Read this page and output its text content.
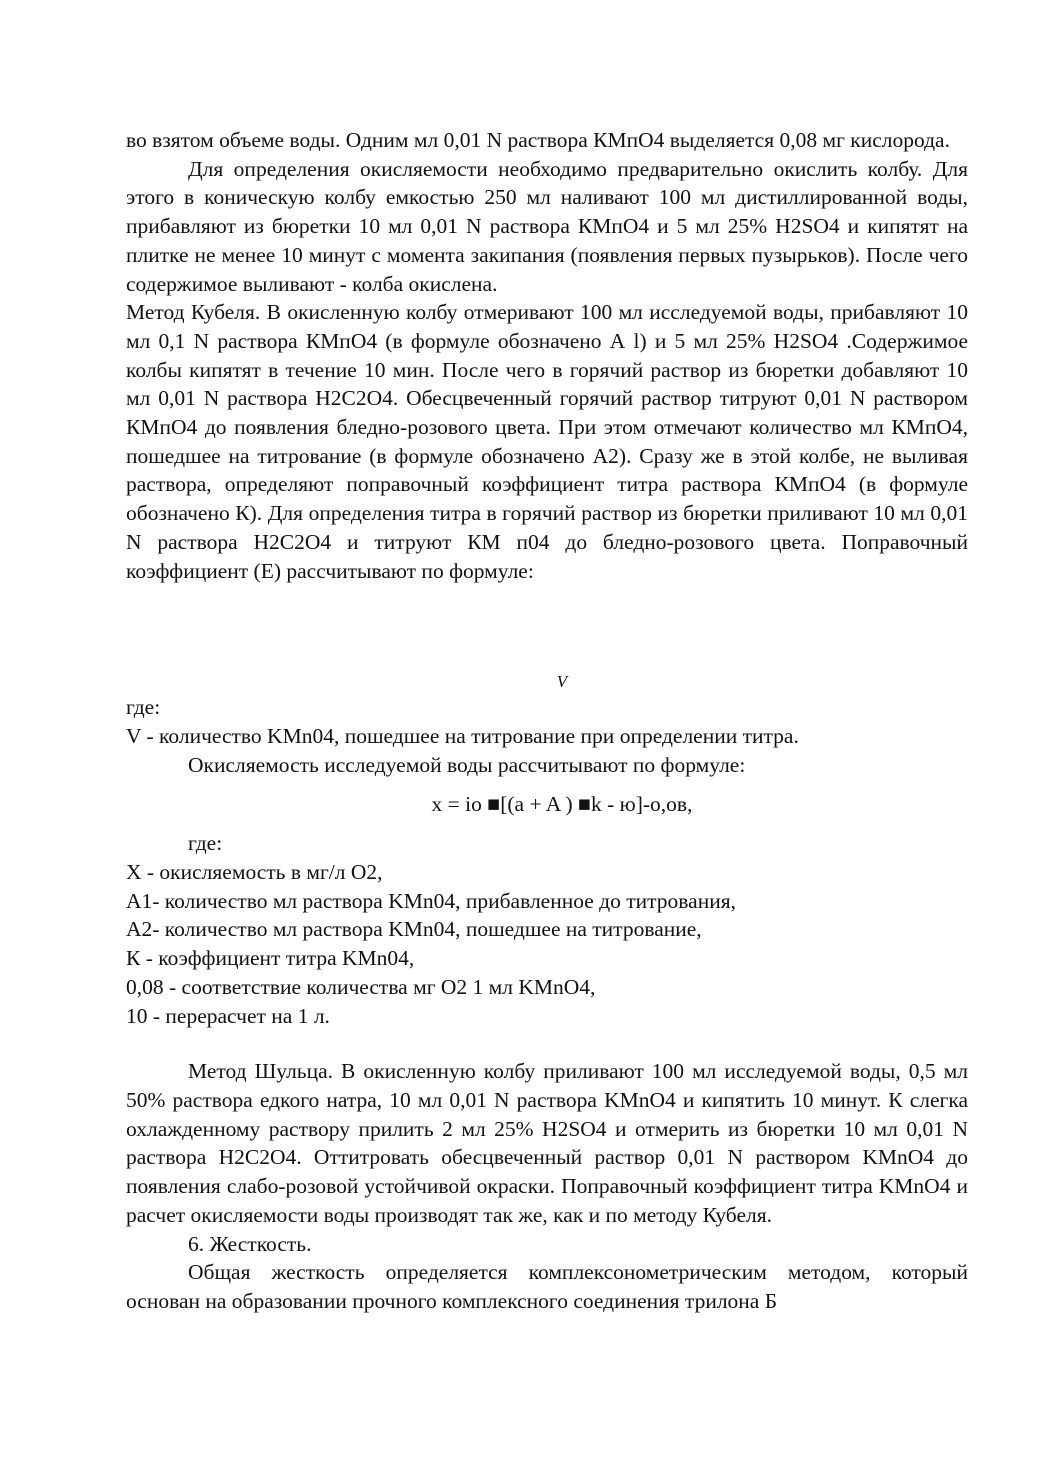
во взятом объеме воды. Одним мл 0,01 N раствора КМпО4 выделяется 0,08 мг кислорода.

Для определения окисляемости необходимо предварительно окислить колбу. Для этого в коническую колбу емкостью 250 мл наливают 100 мл дистиллированной воды, прибавляют из бюретки 10 мл 0,01 N раствора КМпО4 и 5 мл 25% H2SO4 и кипятят на плитке не менее 10 минут с момента закипания (появления первых пузырьков). После чего содержимое выливают - колба окислена.

Метод Кубеля. В окисленную колбу отмеривают 100 мл исследуемой воды, прибавляют 10 мл 0,1 N раствора КМпО4 (в формуле обозначено А l) и 5 мл 25% H2SO4 .Содержимое колбы кипятят в течение 10 мин. После чего в горячий раствор из бюретки добавляют 10 мл 0,01 N раствора Н2С2О4. Обесцвеченный горячий раствор титруют 0,01 N раствором КМпО4 до появления бледно-розового цвета. При этом отмечают количество мл КМпО4, пошедшее на титрование (в формуле обозначено А2). Сразу же в этой колбе, не выливая раствора, определяют поправочный коэффициент титра раствора КМпО4 (в формуле обозначено К). Для определения титра в горячий раствор из бюретки приливают 10 мл 0,01 N раствора Н2С2О4 и титруют КМ п04 до бледно-розового цвета. Поправочный коэффициент (Е) рассчитывают по формуле:

V

где:

V - количество KMn04, пошедшее на титрование при определении титра.

Окисляемость исследуемой воды рассчитывают по формуле:

x = io ■[(a + A ) ■k - ю]-о,ов,

где:

X - окисляемость в мг/л О2,

A1- количество мл раствора KMn04, прибавленное до титрования,

А2- количество мл раствора KMn04, пошедшее на титрование,

К - коэффициент титра KMn04,

0,08 - соответствие количества мг О2 1 мл KMnO4,

10 - перерасчет на 1 л.

Метод Шульца. В окисленную колбу приливают 100 мл исследуемой воды, 0,5 мл 50% раствора едкого натра, 10 мл 0,01 N раствора KMnO4 и кипятить 10 минут. К слегка охлажденному раствору прилить 2 мл 25% H2SO4 и отмерить из бюретки 10 мл 0,01 N раствора Н2С2О4. Оттитровать обесцвеченный раствор 0,01 N раствором KMnO4 до появления слабо-розовой устойчивой окраски. Поправочный коэффициент титра KMnO4 и расчет окисляемости воды производят так же, как и по методу Кубеля.

6. Жесткость.

Общая жесткость определяется комплексонометрическим методом, который основан на образовании прочного комплексного соединения трилона Б
